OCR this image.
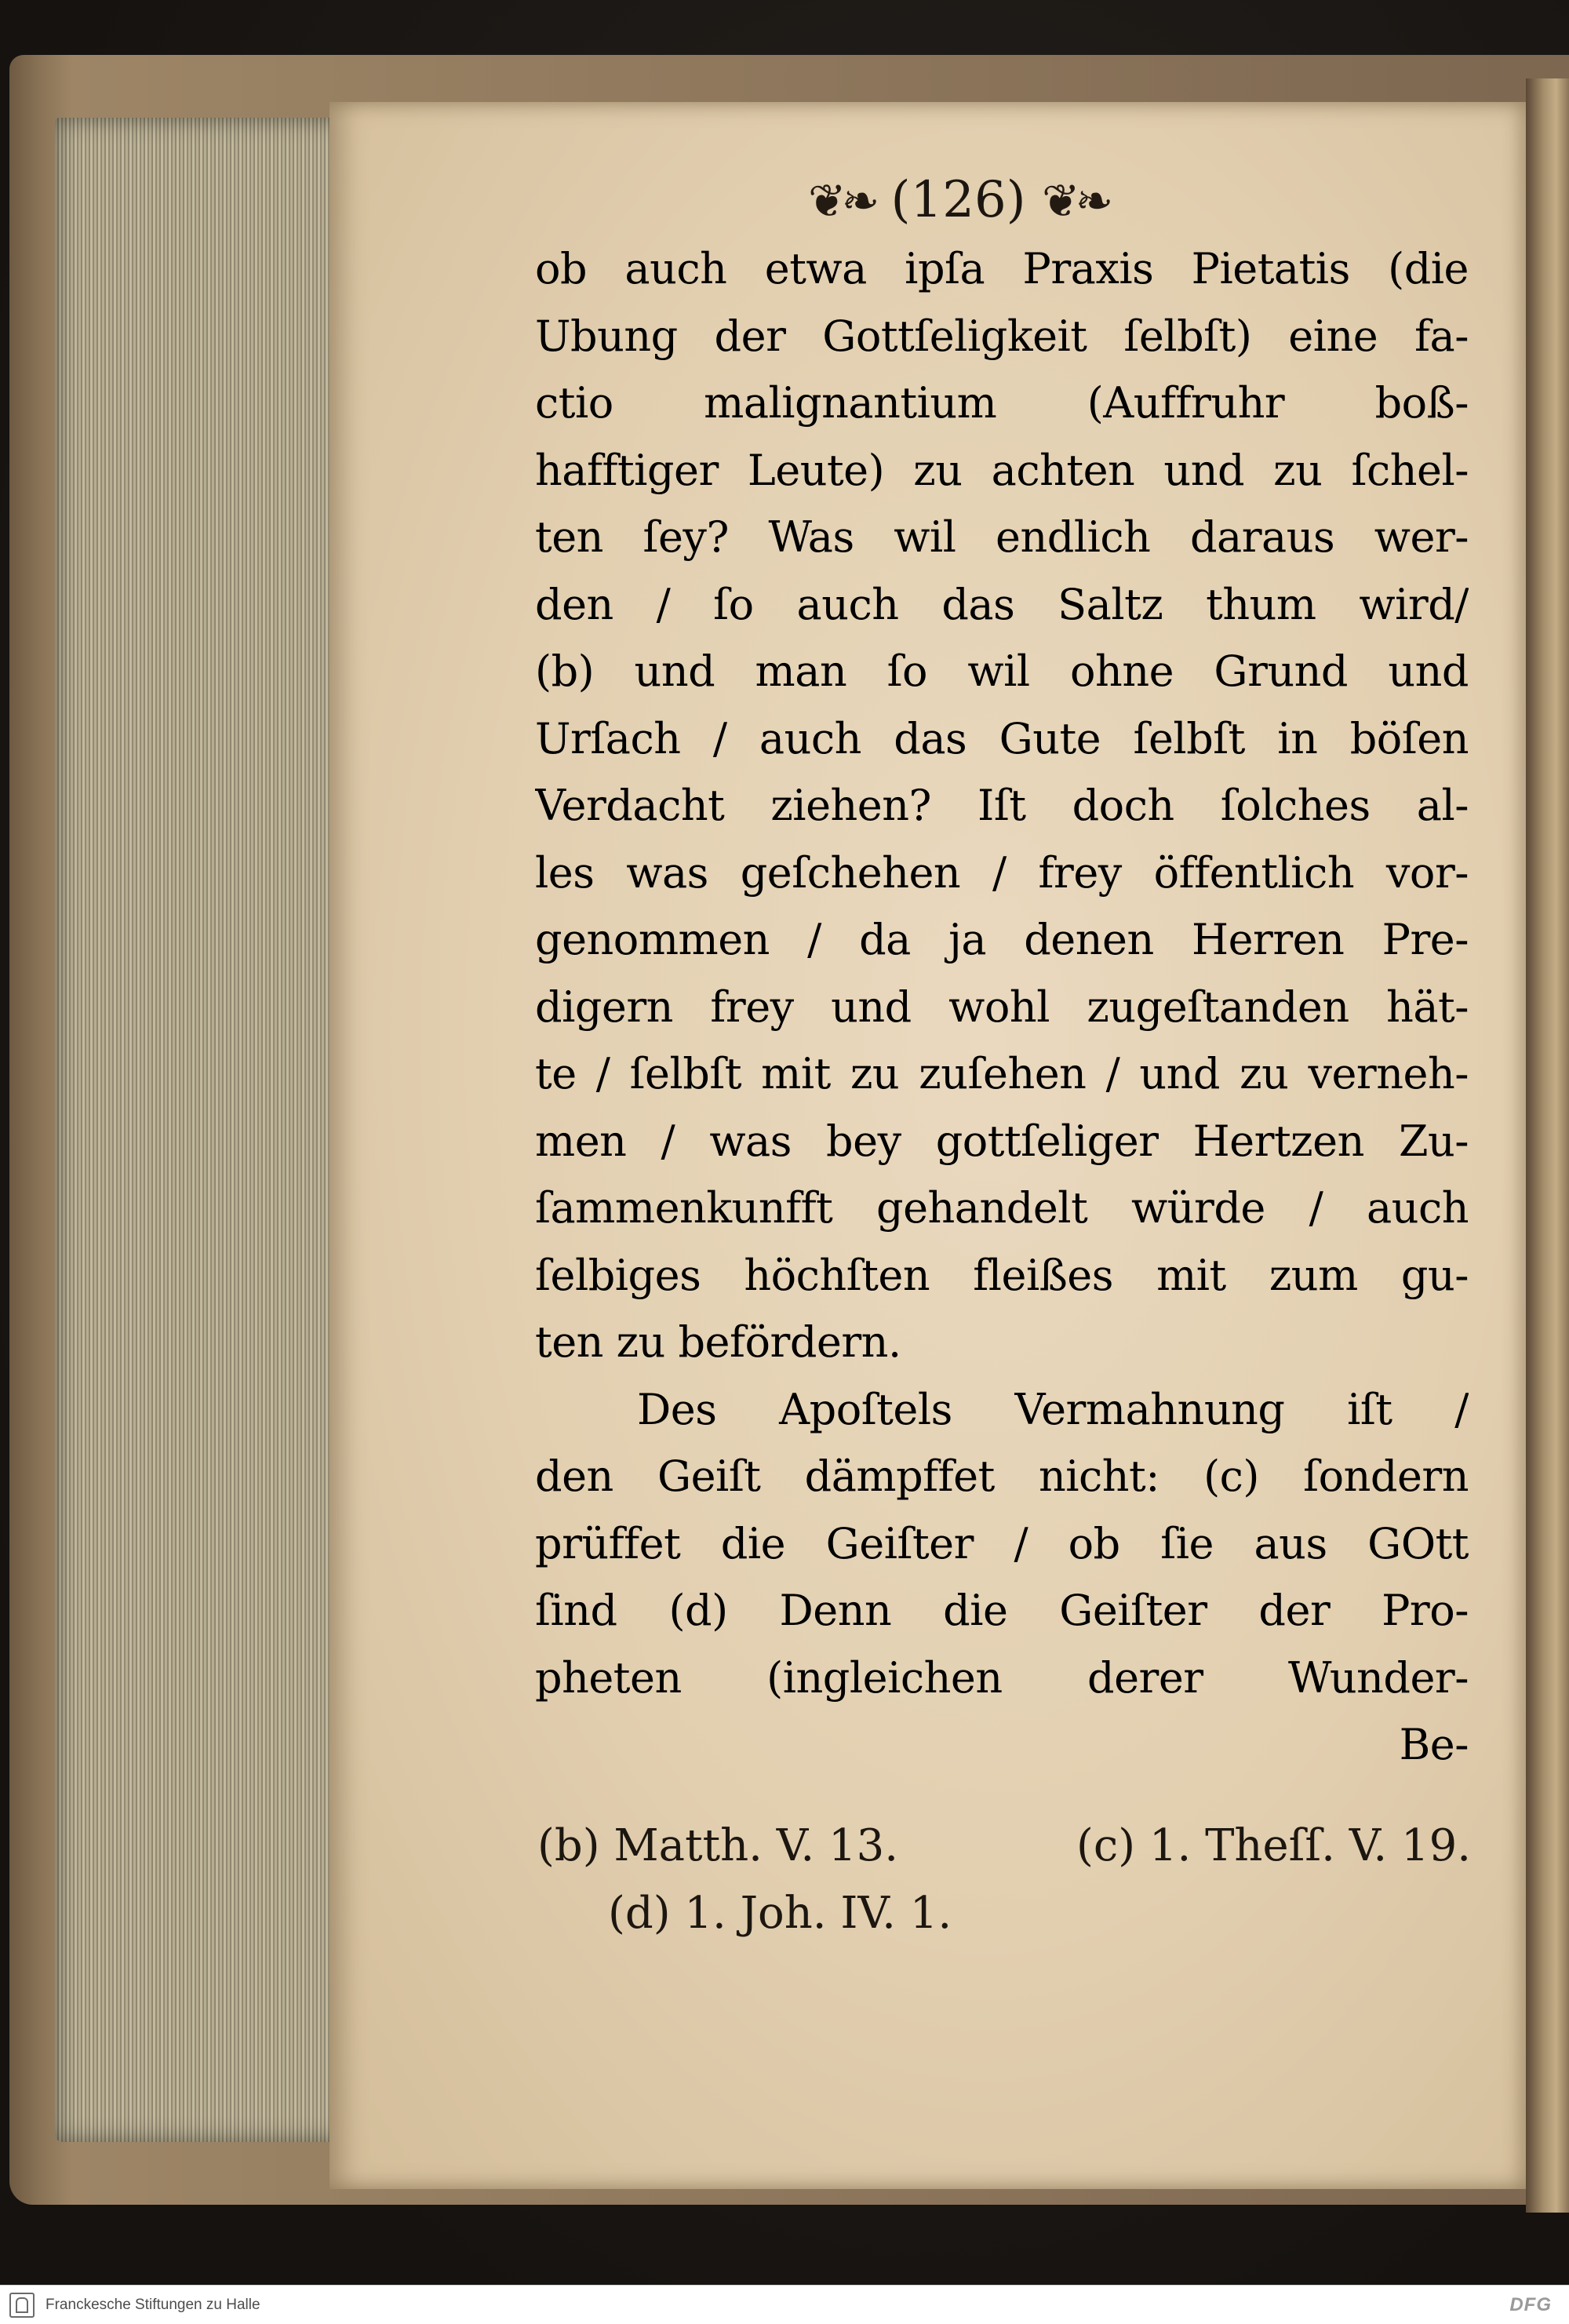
❦❧ (126) ❦❧
ob auch etwa ipſa Praxis Pietatis (die
Ubung der Gottſeligkeit ſelbſt) eine fa-
ctio malignantium (Auffruhr boß-
hafftiger Leute) zu achten und zu ſchel-
ten ſey? Was wil endlich daraus wer-
den / ſo auch das Saltz thum wird/
(b) und man ſo wil ohne Grund und
Urſach / auch das Gute ſelbſt in böſen
Verdacht ziehen? Iſt doch ſolches al-
les was geſchehen / frey öffentlich vor-
genommen / da ja denen Herren Pre-
digern frey und wohl zugeſtanden hät-
te / ſelbſt mit zu zuſehen / und zu verneh-
men / was bey gottſeliger Hertzen Zu-
ſammenkunfft gehandelt würde / auch
ſelbiges höchſten fleißes mit zum gu-
ten zu befördern.
Des Apoſtels Vermahnung iſt /
den Geiſt dämpffet nicht: (c) ſondern
prüffet die Geiſter / ob ſie aus GOtt
ſind (d) Denn die Geiſter der Pro-
pheten (ingleichen derer Wunder-
Be-
(b) Matth. V. 13.	(c) 1. Theſſ. V. 19.
(d) 1. Joh. IV. 1.
Franckesche Stiftungen zu Halle	DFG
